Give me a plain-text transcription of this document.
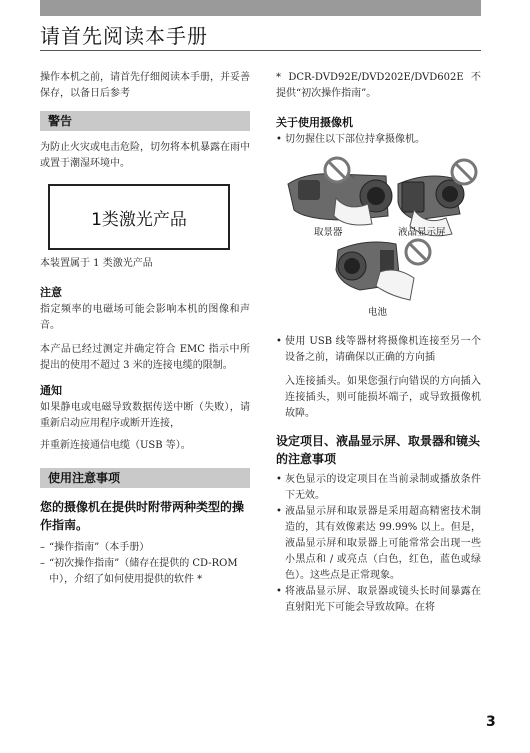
请首先阅读本手册

操作本机之前，请首先仔细阅读本手册，并妥善保存，以备日后参考

警告

为防止火灾或电击危险，切勿将本机暴露在雨中或置于潮湿环境中。

1类激光产品

本装置属于 1 类激光产品

注意

指定频率的电磁场可能会影响本机的图像和声音。

本产品已经过测定并确定符合 EMC 指示中所提出的使用不超过 3 米的连接电缆的限制。

通知

如果静电或电磁导致数据传送中断（失败），请重新启动应用程序或断开连接，

并重新连接通信电缆（USB 等）。

使用注意事项
您的摄像机在提供时附带两种类型的操作指南。
– “操作指南”（本手册）
– “初次操作指南”（储存在提供的 CD-ROM 中），介绍了如何使用提供的软件 *

* DCR-DVD92E/DVD202E/DVD602E 不提供“初次操作指南”。

关于使用摄像机
• 切勿握住以下部位持拿摄像机。
取景器	液晶显示屏
电池
• 使用 USB 线等器材将摄像机连接至另一个设备之前，请确保以正确的方向插

入连接插头。如果您强行向错误的方向插入连接插头，则可能损坏端子，或导致摄像机故障。

设定项目、液晶显示屏、取景器和镜头的注意事项
• 灰色显示的设定项目在当前录制或播放条件下无效。
• 液晶显示屏和取景器是采用超高精密技术制造的，其有效像素达 99.99% 以上。但是，液晶显示屏和取景器上可能常常会出现一些小黑点和 / 或亮点（白色，红色，蓝色或绿色）。这些点是正常现象。
• 将液晶显示屏、取景器或镜头长时间暴露在直射阳光下可能会导致故障。在将
3
